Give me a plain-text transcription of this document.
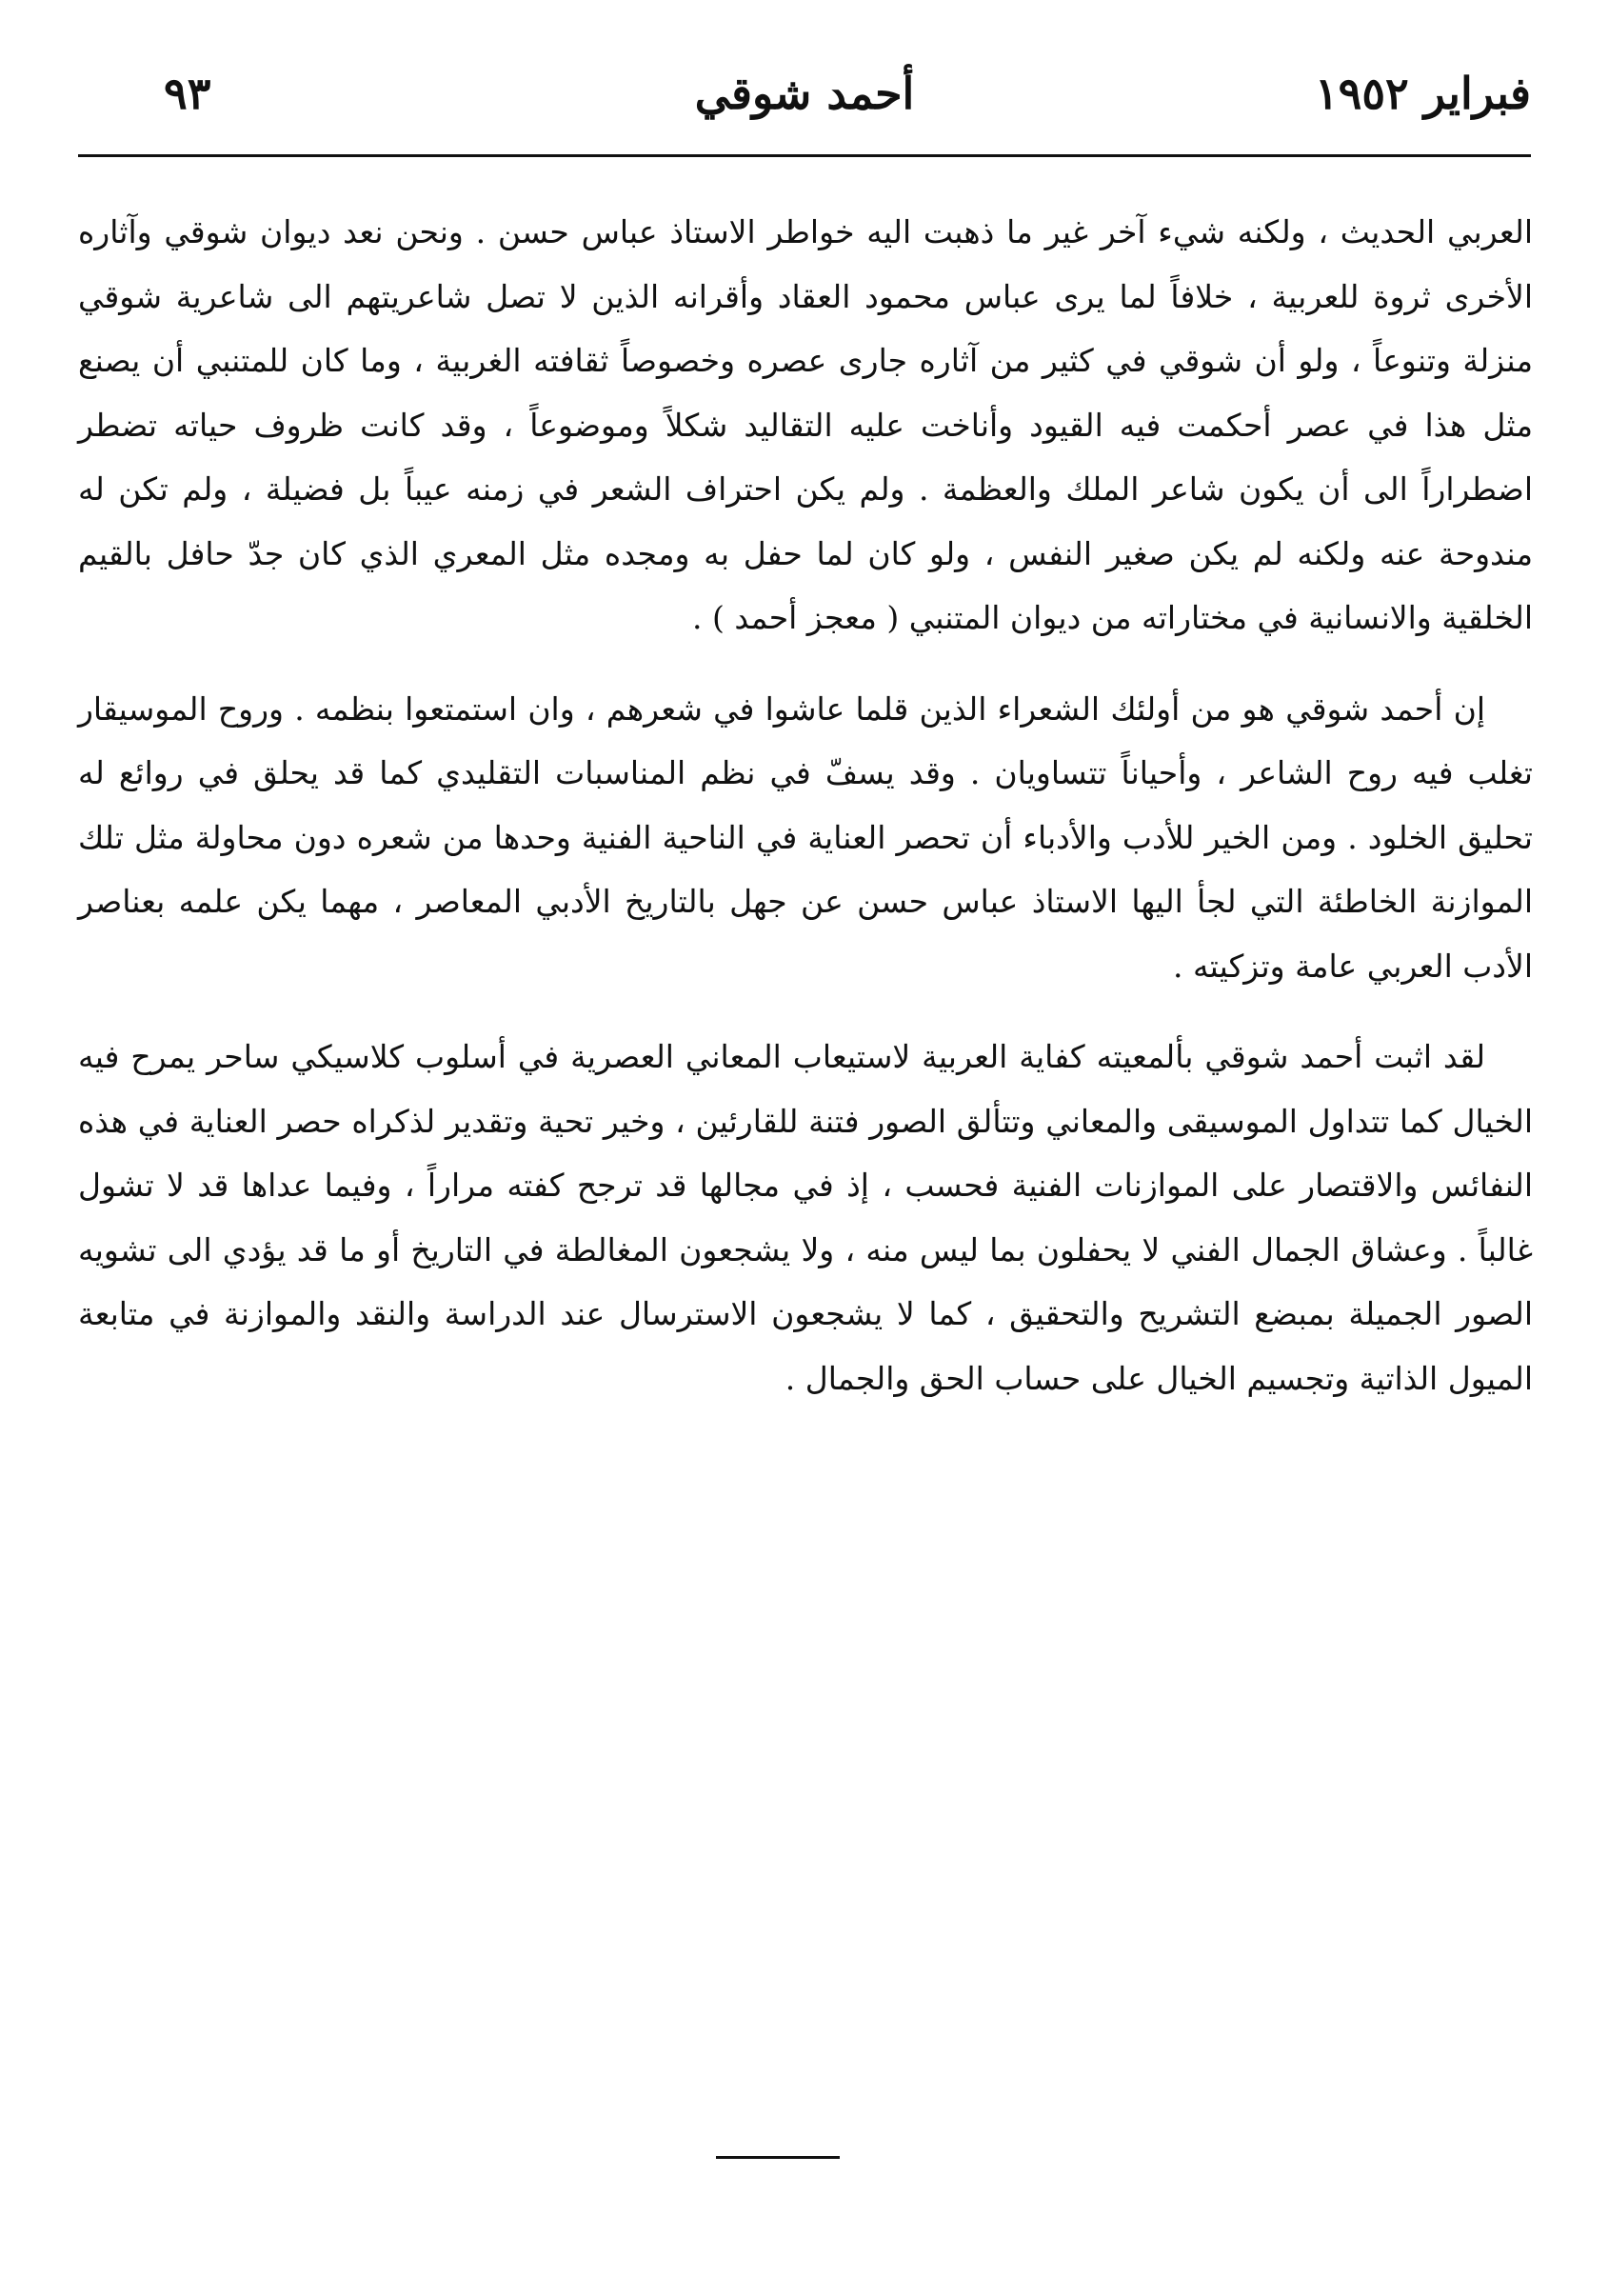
٩٣	أحمد شوقي	فبراير ١٩٥٢

العربي الحديث ، ولكنه شيء آخر غير ما ذهبت اليه خواطر الاستاذ عباس حسن . ونحن نعد ديوان شوقي وآثاره الأخرى ثروة للعربية ، خلافاً لما يرى عباس محمود العقاد وأقرانه الذين لا تصل شاعريتهم الى شاعرية شوقي منزلة وتنوعاً ، ولو أن شوقي في كثير من آثاره جارى عصره وخصوصاً ثقافته الغربية ، وما كان للمتنبي أن يصنع مثل هذا في عصر أحكمت فيه القيود وأناخت عليه التقاليد شكلاً وموضوعاً ، وقد كانت ظروف حياته تضطر اضطراراً الى أن يكون شاعر الملك والعظمة . ولم يكن احتراف الشعر في زمنه عيباً بل فضيلة ، ولم تكن له مندوحة عنه ولكنه لم يكن صغير النفس ، ولو كان لما حفل به ومجده مثل المعري الذي كان جدّ حافل بالقيم الخلقية والانسانية في مختاراته من ديوان المتنبي ( معجز أحمد ) .

إن أحمد شوقي هو من أولئك الشعراء الذين قلما عاشوا في شعرهم ، وان استمتعوا بنظمه . وروح الموسيقار تغلب فيه روح الشاعر ، وأحياناً تتساويان . وقد يسفّ في نظم المناسبات التقليدي كما قد يحلق في روائع له تحليق الخلود . ومن الخير للأدب والأدباء أن تحصر العناية في الناحية الفنية وحدها من شعره دون محاولة مثل تلك الموازنة الخاطئة التي لجأ اليها الاستاذ عباس حسن عن جهل بالتاريخ الأدبي المعاصر ، مهما يكن علمه بعناصر الأدب العربي عامة وتزكيته .

لقد اثبت أحمد شوقي بألمعيته كفاية العربية لاستيعاب المعاني العصرية في أسلوب كلاسيكي ساحر يمرح فيه الخيال كما تتداول الموسيقى والمعاني وتتألق الصور فتنة للقارئين ، وخير تحية وتقدير لذكراه حصر العناية في هذه النفائس والاقتصار على الموازنات الفنية فحسب ، إذ في مجالها قد ترجح كفته مراراً ، وفيما عداها قد لا تشول غالباً . وعشاق الجمال الفني لا يحفلون بما ليس منه ، ولا يشجعون المغالطة في التاريخ أو ما قد يؤدي الى تشويه الصور الجميلة بمبضع التشريح والتحقيق ، كما لا يشجعون الاسترسال عند الدراسة والنقد والموازنة في متابعة الميول الذاتية وتجسيم الخيال على حساب الحق والجمال .
